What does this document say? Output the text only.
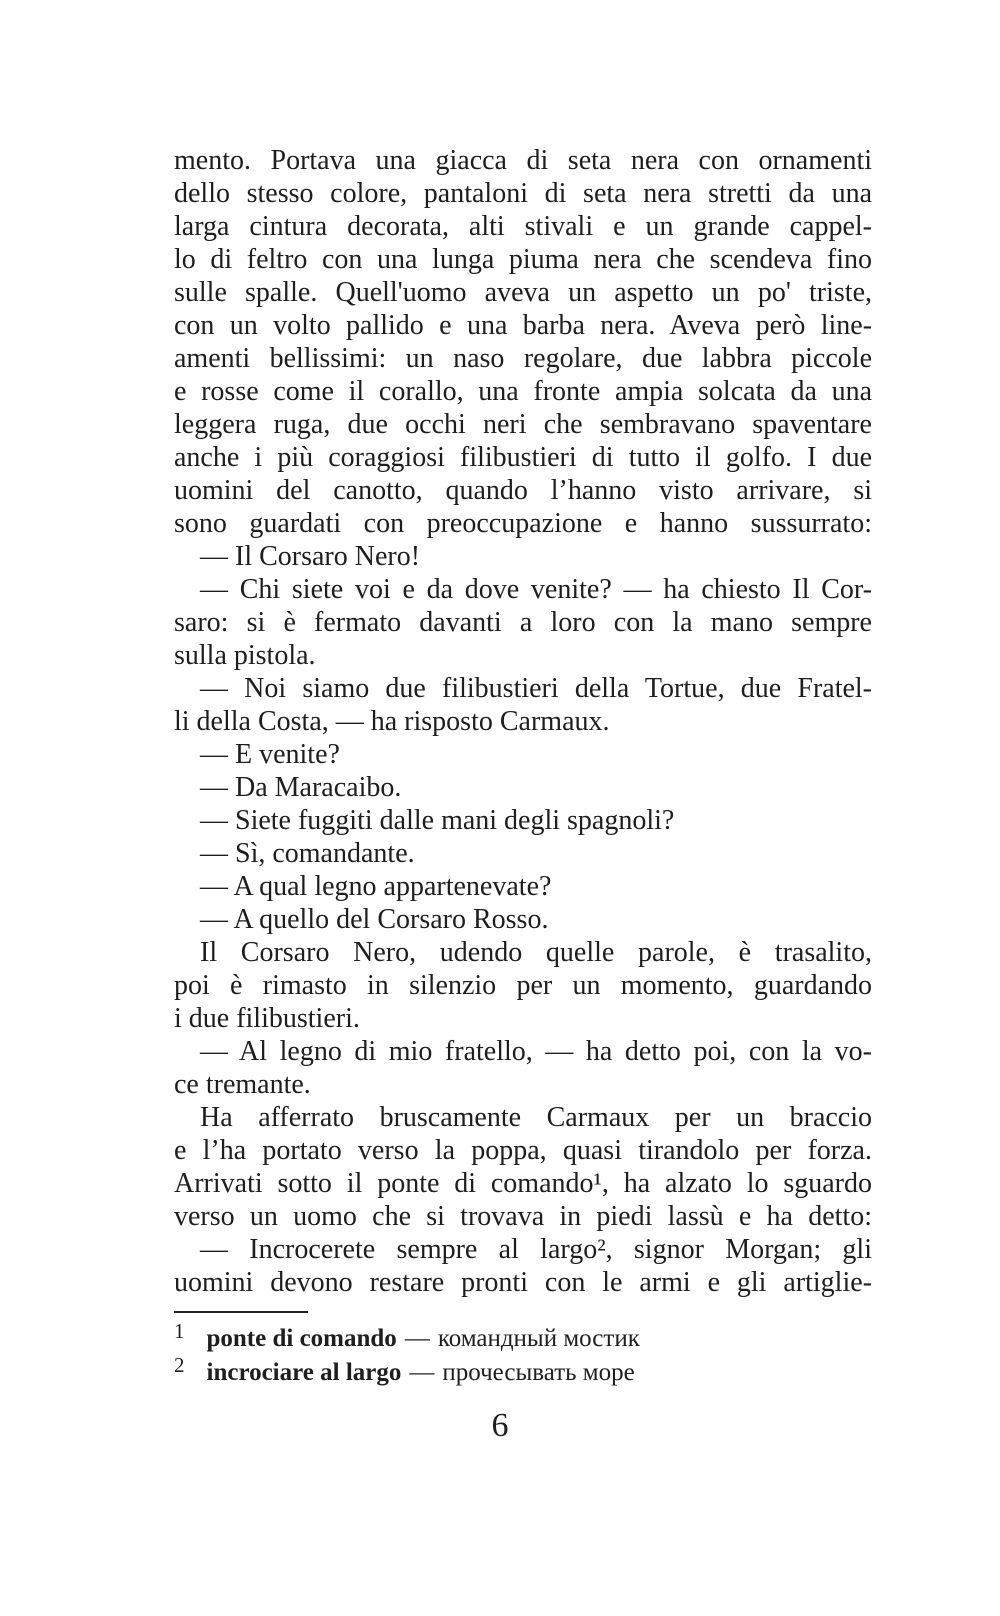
mento. Portava una giacca di seta nera con ornamenti
dello stesso colore, pantaloni di seta nera stretti da una
larga cintura decorata, alti stivali e un grande cappel-
lo di feltro con una lunga piuma nera che scendeva fino
sulle spalle. Quell'uomo aveva un aspetto un po' triste,
con un volto pallido e una barba nera. Aveva però line-
amenti bellissimi: un naso regolare, due labbra piccole
e rosse come il corallo, una fronte ampia solcata da una
leggera ruga, due occhi neri che sembravano spaventare
anche i più coraggiosi filibustieri di tutto il golfo. I due
uomini del canotto, quando l’hanno visto arrivare, si
sono guardati con preoccupazione e hanno sussurrato:
— Il Corsaro Nero!
— Chi siete voi e da dove venite? — ha chiesto Il Cor-
saro: si è fermato davanti a loro con la mano sempre
sulla pistola.
— Noi siamo due filibustieri della Tortue, due Fratel-
li della Costa, — ha risposto Carmaux.
— E venite?
— Da Maracaibo.
— Siete fuggiti dalle mani degli spagnoli?
— Sì, comandante.
— A qual legno appartenevate?
— A quello del Corsaro Rosso.
Il Corsaro Nero, udendo quelle parole, è trasalito,
poi è rimasto in silenzio per un momento, guardando
i due filibustieri.
— Al legno di mio fratello, — ha detto poi, con la vo-
ce tremante.
Ha afferrato bruscamente Carmaux per un braccio
e l’ha portato verso la poppa, quasi tirandolo per forza.
Arrivati sotto il ponte di comando¹, ha alzato lo sguardo
verso un uomo che si trovava in piedi lassù e ha detto:
— Incrocerete sempre al largo², signor Morgan; gli
uomini devono restare pronti con le armi e gli artiglie-
$^1$ ponte di comando — командный мостик
$^2$ incrociare al largo — прочесывать море
6
